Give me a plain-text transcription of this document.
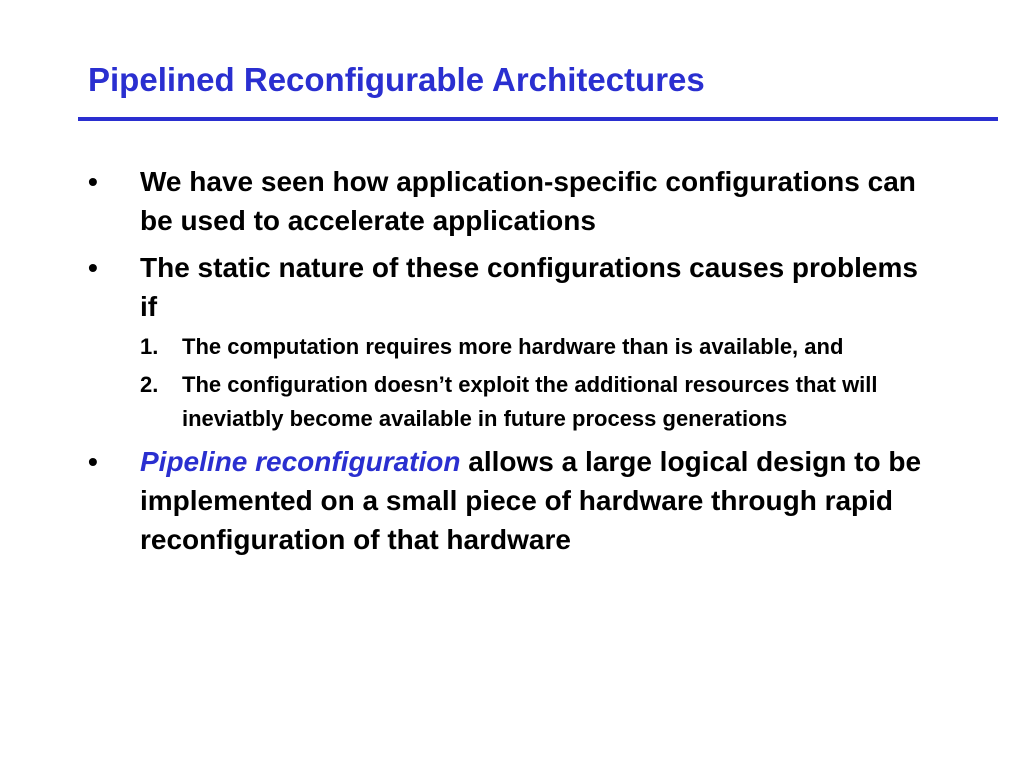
Pipelined Reconfigurable Architectures
•	We have seen how application-specific configurations can be used to accelerate applications
•	The static nature of these configurations causes problems if
1. The computation requires more hardware than is available, and
2. The configuration doesn’t exploit the additional resources that will ineviatbly become available in future process generations
•	Pipeline reconfiguration allows a large logical design to be implemented on a small piece of hardware through rapid reconfiguration of that hardware
